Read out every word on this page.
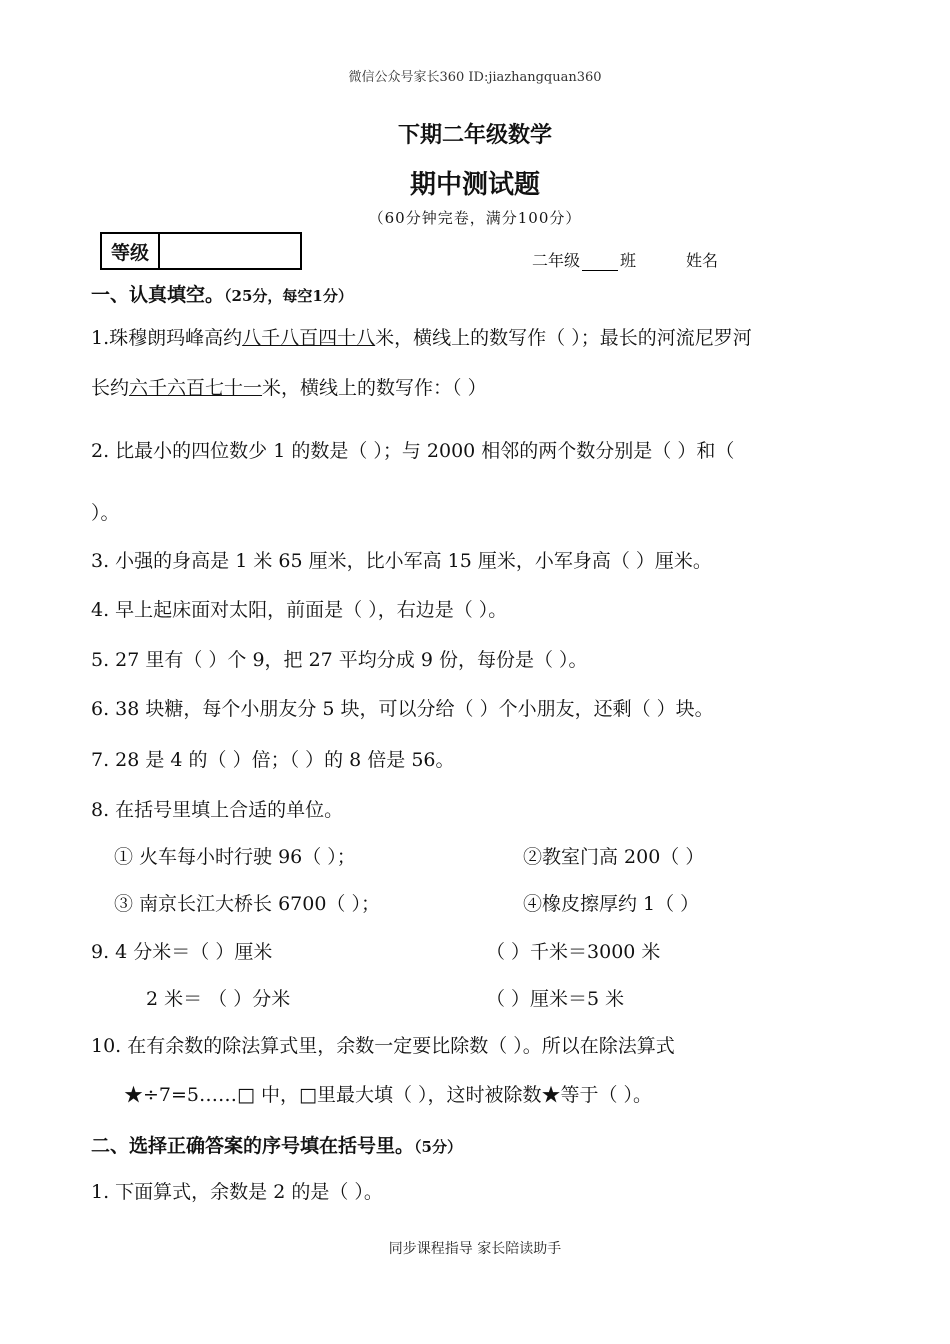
微信公众号家长360 ID:jiazhangquan360
下期二年级数学
期中测试题
（60分钟完卷，满分100分）
等级	二年级	班	姓名
一、认真填空。（25分，每空1分）
1.珠穆朗玛峰高约八千八百四十八米，横线上的数写作（ ）；最长的河流尼罗河
长约六千六百七十一米，横线上的数写作：（ ）
2. 比最小的四位数少 1 的数是（ ）；与 2000 相邻的两个数分别是（ ）和（
）。
3. 小强的身高是 1 米 65 厘米，比小军高 15 厘米，小军身高（ ）厘米。
4. 早上起床面对太阳，前面是（ ），右边是（ ）。
5. 27 里有（ ）个 9，把 27 平均分成 9 份，每份是（ ）。
6. 38 块糖，每个小朋友分 5 块，可以分给（ ）个小朋友，还剩（ ）块。
7. 28 是 4 的（ ）倍；（ ）的 8 倍是 56。
8. 在括号里填上合适的单位。
① 火车每小时行驶 96（ ）；	②教室门高 200（ ）
③ 南京长江大桥长 6700（ ）；	④橡皮擦厚约 1（ ）
9. 4 分米＝（ ）厘米	（ ）千米＝3000 米
2 米＝ （ ）分米	（ ）厘米＝5 米
10. 在有余数的除法算式里，余数一定要比除数（ ）。所以在除法算式
★÷7=5……□ 中，□里最大填（ ），这时被除数★等于（ ）。
二、选择正确答案的序号填在括号里。（5分）
1. 下面算式，余数是 2 的是（ ）。
同步课程指导 家长陪读助手
